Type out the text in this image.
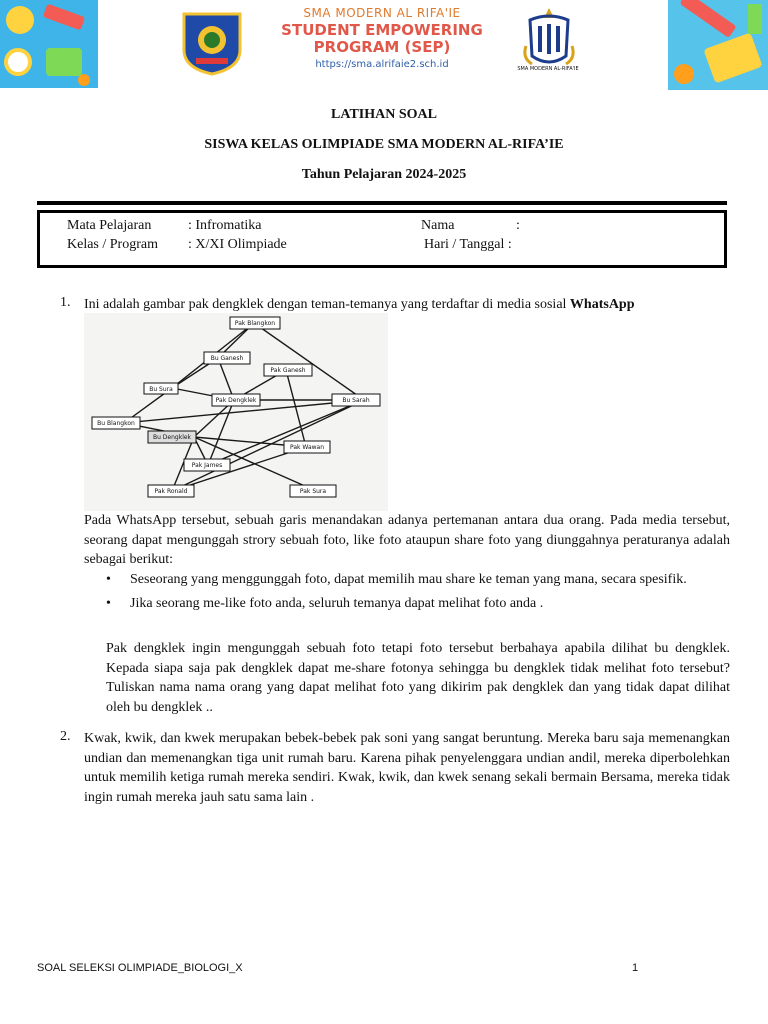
SMA MODERN AL RIFA'IE
STUDENT EMPOWERING PROGRAM (SEP)
https://sma.alrifaie2.sch.id	SMA MODERN AL-RIFA'IE
LATIHAN SOAL
SISWA KELAS OLIMPIADE SMA MODERN AL-RIFA’IE
Tahun Pelajaran 2024-2025
Mata Pelajaran	: Infromatika	Nama	:
Kelas / Program : X/XI Olimpiade	Hari / Tanggal :
1. Ini adalah gambar pak dengklek dengan teman-temanya yang terdaftar di media sosial WhatsApp
Pak Blangkon
Bu Ganesh
Pak Ganesh
Bu Sura
Pak Dengklek	Bu Sarah
Bu Blangkon
Bu Dengklek
Pak Wawan
Pak James
Pak Ronald	Pak Sura
Pada WhatsApp tersebut, sebuah garis menandakan adanya pertemanan antara dua orang. Pada media tersebut, seorang dapat mengunggah strory sebuah foto, like foto ataupun share foto yang diunggahnya peraturanya adalah sebagai berikut:
• Seseorang yang menggunggah foto, dapat memilih mau share ke teman yang mana, secara spesifik.
• Jika seorang me-like foto anda, seluruh temanya dapat melihat foto anda .
Pak dengklek ingin mengunggah sebuah foto tetapi foto tersebut berbahaya apabila dilihat bu dengklek. Kepada siapa saja pak dengklek dapat me-share fotonya sehingga bu dengklek tidak melihat foto tersebut? Tuliskan nama nama orang yang dapat melihat foto yang dikirim pak dengklek dan yang tidak dapat dilihat oleh bu dengklek ..
2. Kwak, kwik, dan kwek merupakan bebek-bebek pak soni yang sangat beruntung. Mereka baru saja memenangkan undian dan memenangkan tiga unit rumah baru. Karena pihak penyelenggara undian andil, mereka diperbolehkan untuk memilih ketiga rumah mereka sendiri. Kwak, kwik, dan kwek senang sekali bermain Bersama, mereka tidak ingin rumah mereka jauh satu sama lain .
SOAL SELEKSI OLIMPIADE_BIOLOGI_X	1
